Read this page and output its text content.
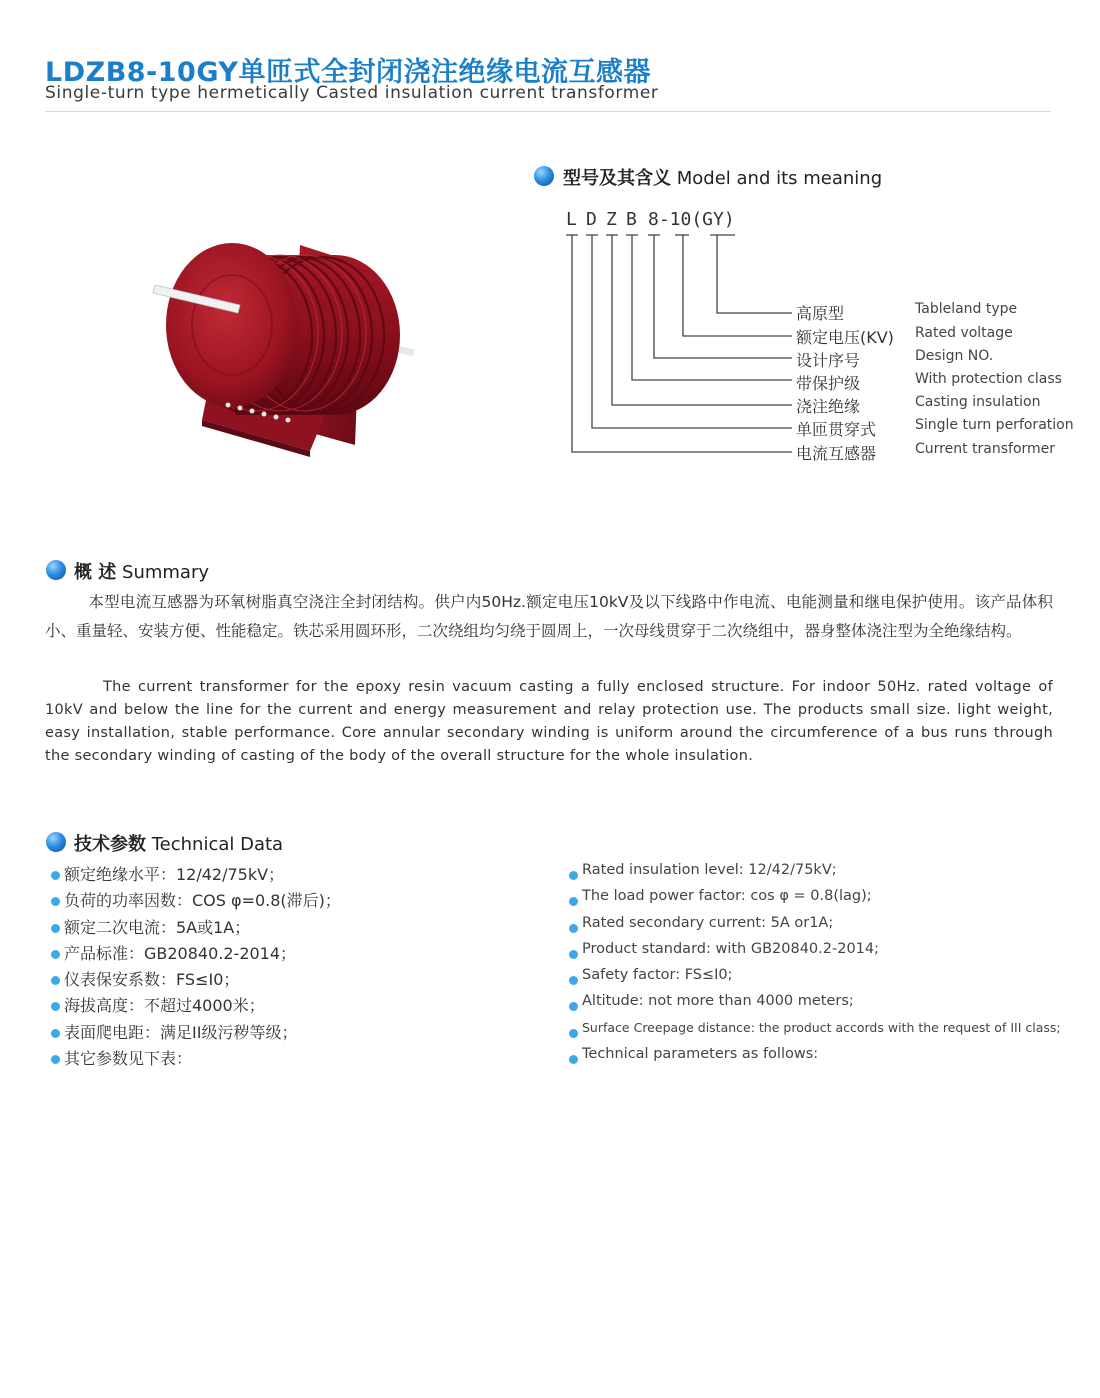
LDZB8-10GY单匝式全封闭浇注绝缘电流互感器
Single-turn type hermetically Casted insulation current transformer
型号及其含义 Model and its meaning
L D Z B 8-10(GY)
高原型	Tableland type
额定电压(KV) Rated voltage
设计序号	Design NO.
带保护级	With protection class
浇注绝缘	Casting insulation
单匝贯穿式	Single turn perforation
电流互感器	Current transformer
概 述 Summary

本型电流互感器为环氧树脂真空浇注全封闭结构。供户内50Hz.额定电压10kV及以下线路中作电流、电能测量和继电保护使用。该产品体积小、重量轻、安装方便、性能稳定。铁芯采用圆环形，二次绕组均匀绕于圆周上，一次母线贯穿于二次绕组中，器身整体浇注型为全绝缘结构。

The current transformer for the epoxy resin vacuum casting a fully enclosed structure. For indoor 50Hz. rated voltage of 10kV and below the line for the current and energy measurement and relay protection use. The products small size. light weight, easy installation, stable performance. Core annular secondary winding is uniform around the circumference of a bus runs through the secondary winding of casting of the body of the overall structure for the whole insulation.

技术参数 Technical Data
额定绝缘水平：12/42/75kV；
负荷的功率因数：COS φ=0.8(滞后)；
额定二次电流：5A或1A；
产品标准：GB20840.2-2014；
仪表保安系数：FS≤I0；
海拔高度：不超过4000米；
表面爬电距：满足II级污秽等级；
其它参数见下表：
Rated insulation level: 12/42/75kV;
The load power factor: cos φ = 0.8(lag);
Rated secondary current: 5A or1A;
Product standard: with GB20840.2-2014;
Safety factor: FS≤I0;
Altitude: not more than 4000 meters;
Surface Creepage distance: the product accords with the request of III class;
Technical parameters as follows:
